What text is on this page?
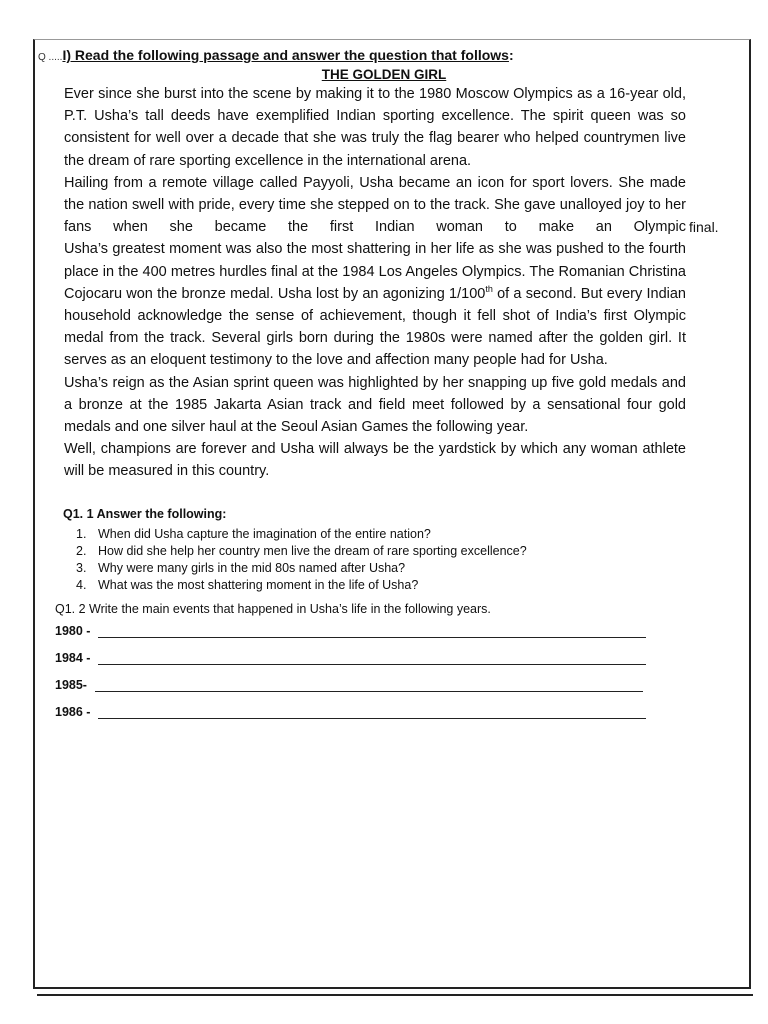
Q .....I) Read the following passage and answer the question that follows:
THE GOLDEN GIRL

Ever since she burst into the scene by making it to the 1980 Moscow Olympics as a 16-year old, P.T. Usha’s tall deeds have exemplified Indian sporting excellence. The spirit queen was so consistent for well over a decade that she was truly the flag bearer who helped countrymen live the dream of rare sporting excellence in the international arena.

Hailing from a remote village called Payyoli, Usha became an icon for sport lovers. She made the nation swell with pride, every time she stepped on to the track. She gave unalloyed joy to her fans when she became the first Indian woman to make an Olympic

Usha’s greatest moment was also the most shattering in her life as she was pushed to the fourth place in the 400 metres hurdles final at the 1984 Los Angeles Olympics. The Romanian Christina Cojocaru won the bronze medal. Usha lost by an agonizing 1/100th of a second. But every Indian household acknowledge the sense of achievement, though it fell shot of India’s first Olympic medal from the track. Several girls born during the 1980s were named after the golden girl. It serves as an eloquent testimony to the love and affection many people had for Usha.

Usha’s reign as the Asian sprint queen was highlighted by her snapping up five gold medals and a bronze at the 1985 Jakarta Asian track and field meet followed by a sensational four gold medals and one silver haul at the Seoul Asian Games the following year.

Well, champions are forever and Usha will always be the yardstick by which any woman athlete will be measured in this country.

final.
Q1. 1 Answer the following:
1. When did Usha capture the imagination of the entire nation?
2. How did she help her country men live the dream of rare sporting excellence?
3. Why were many girls in the mid 80s named after Usha?
4. What was the most shattering moment in the life of Usha?
Q1. 2 Write the main events that happened in Usha’s life in the following years.
1980 -
1984 -
1985-
1986 -
